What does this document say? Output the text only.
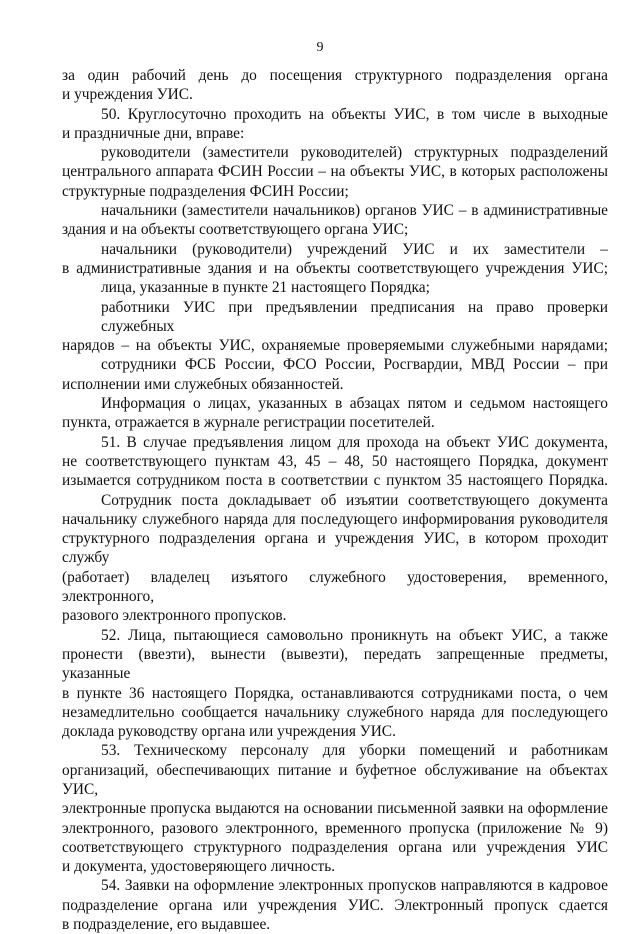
9
за один рабочий день до посещения структурного подразделения органа
и учреждения УИС.
50. Круглосуточно проходить на объекты УИС, в том числе в выходные
и праздничные дни, вправе:
руководители (заместители руководителей) структурных подразделений
центрального аппарата ФСИН России – на объекты УИС, в которых расположены
структурные подразделения ФСИН России;
начальники (заместители начальников) органов УИС – в административные
здания и на объекты соответствующего органа УИС;
начальники (руководители) учреждений УИС и их заместители –
в административные здания и на объекты соответствующего учреждения УИС;
лица, указанные в пункте 21 настоящего Порядка;
работники УИС при предъявлении предписания на право проверки служебных
нарядов – на объекты УИС, охраняемые проверяемыми служебными нарядами;
сотрудники ФСБ России, ФСО России, Росгвардии, МВД России – при
исполнении ими служебных обязанностей.
Информация о лицах, указанных в абзацах пятом и седьмом настоящего
пункта, отражается в журнале регистрации посетителей.
51. В случае предъявления лицом для прохода на объект УИС документа,
не соответствующего пунктам 43, 45 – 48, 50 настоящего Порядка, документ
изымается сотрудником поста в соответствии с пунктом 35 настоящего Порядка.
Сотрудник поста докладывает об изъятии соответствующего документа
начальнику служебного наряда для последующего информирования руководителя
структурного подразделения органа и учреждения УИС, в котором проходит службу
(работает) владелец изъятого служебного удостоверения, временного, электронного,
разового электронного пропусков.
52. Лица, пытающиеся самовольно проникнуть на объект УИС, а также
пронести (ввезти), вынести (вывезти), передать запрещенные предметы, указанные
в пункте 36 настоящего Порядка, останавливаются сотрудниками поста, о чем
незамедлительно сообщается начальнику служебного наряда для последующего
доклада руководству органа или учреждения УИС.
53. Техническому персоналу для уборки помещений и работникам
организаций, обеспечивающих питание и буфетное обслуживание на объектах УИС,
электронные пропуска выдаются на основании письменной заявки на оформление
электронного, разового электронного, временного пропуска (приложение № 9)
соответствующего структурного подразделения органа или учреждения УИС
и документа, удостоверяющего личность.
54. Заявки на оформление электронных пропусков направляются в кадровое
подразделение органа или учреждения УИС. Электронный пропуск сдается
в подразделение, его выдавшее.
